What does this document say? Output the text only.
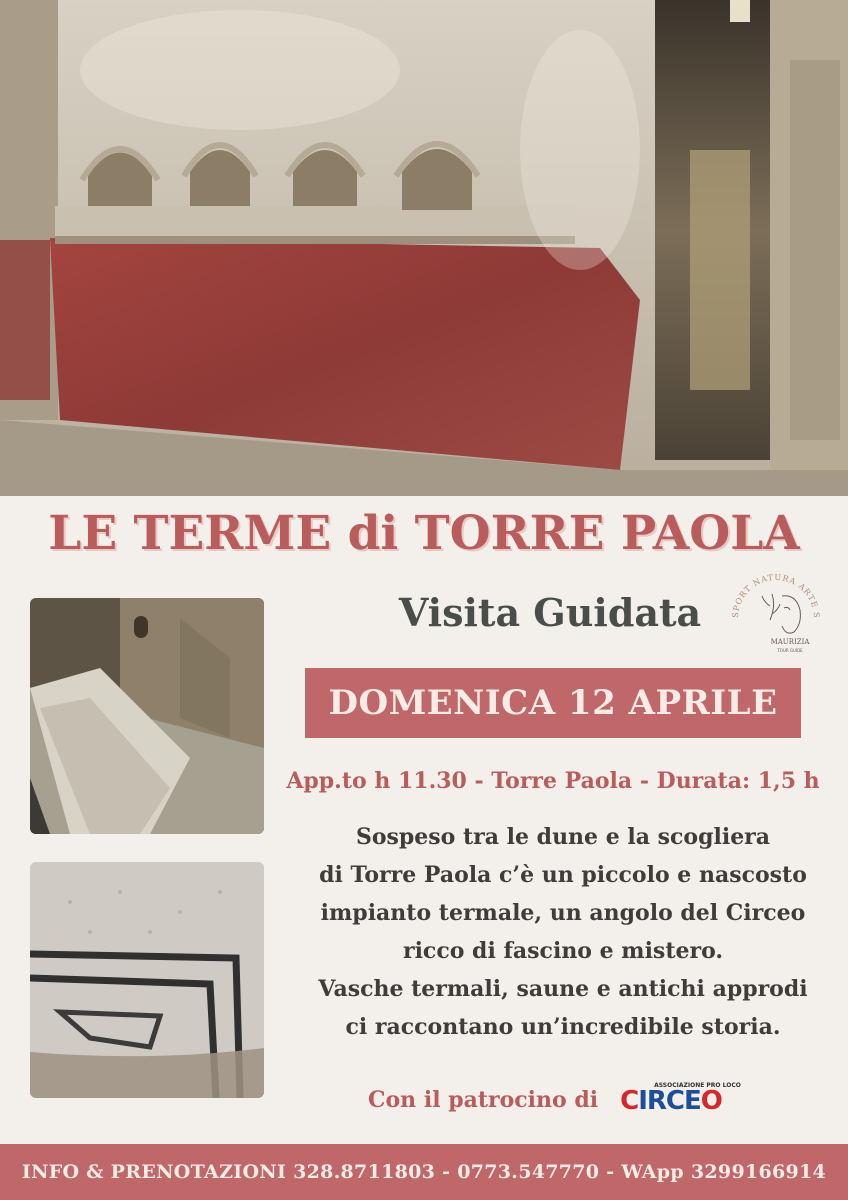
LE TERME di TORRE PAOLA
Visita Guidata	SPORT NATURA ARTE S
MAURIZIA
TOUR GUIDE
DOMENICA 12 APRILE
App.to h 11.30 - Torre Paola - Durata: 1,5 h
Sospeso tra le dune e la scogliera
di Torre Paola c’è un piccolo e nascosto
impianto termale, un angolo del Circeo
ricco di fascino e mistero.
Vasche termali, saune e antichi approdi
ci raccontano un’incredibile storia.
Con il patrocino di
ASSOCIAZIONE PRO LOCO
CIRCEO
INFO & PRENOTAZIONI 328.8711803 - 0773.547770 - WApp 3299166914
